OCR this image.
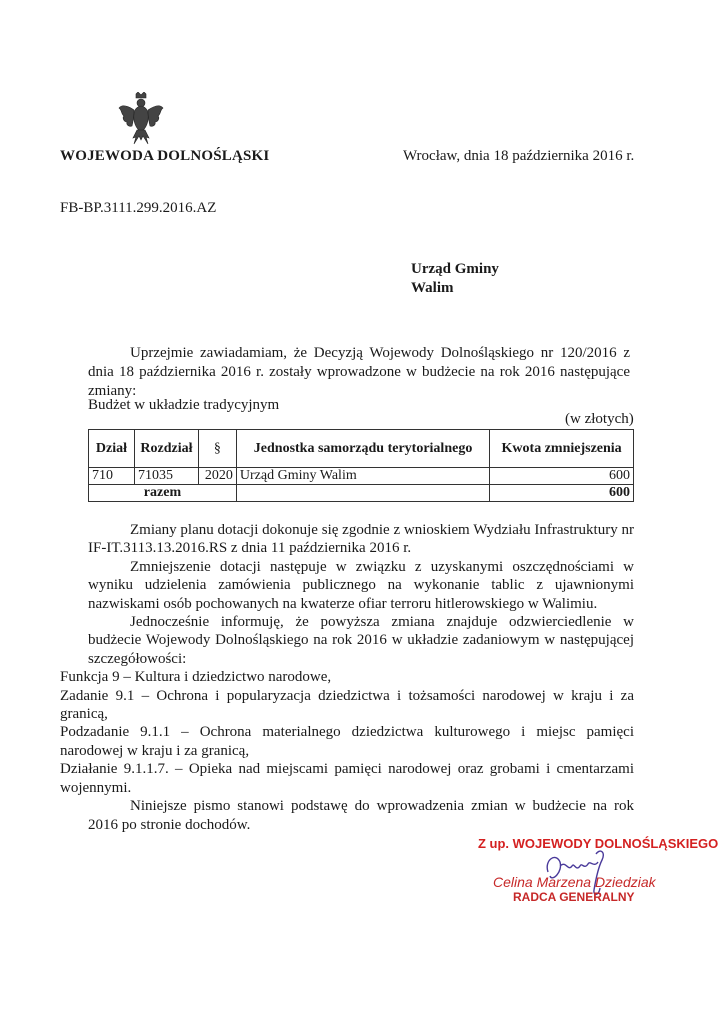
WOJEWODA DOLNOŚLĄSKI	Wrocław, dnia 18 października 2016 r.
FB-BP.3111.299.2016.AZ
Urząd Gminy
Walim
Uprzejmie zawiadamiam, że Decyzją Wojewody Dolnośląskiego nr 120/2016 z dnia 18 października 2016 r. zostały wprowadzone w budżecie na rok 2016 następujące zmiany:
Budżet w układzie tradycyjnym
(w złotych)
Dział	Rozdział	§	Jednostka samorządu terytorialnego	Kwota zmniejszenia
710	71035	2020	Urząd Gminy Walim	600
razem				600

Zmiany planu dotacji dokonuje się zgodnie z wnioskiem Wydziału Infrastruktury nr IF-IT.3113.13.2016.RS z dnia 11 października 2016 r.

Zmniejszenie dotacji następuje w związku z uzyskanymi oszczędnościami w wyniku udzielenia zamówienia publicznego na wykonanie tablic z ujawnionymi nazwiskami osób pochowanych na kwaterze ofiar terroru hitlerowskiego w Walimiu.

Jednocześnie informuję, że powyższa zmiana znajduje odzwierciedlenie w budżecie Wojewody Dolnośląskiego na rok 2016 w układzie zadaniowym w następującej szczegółowości:

Funkcja 9 – Kultura i dziedzictwo narodowe,

Zadanie 9.1 – Ochrona i popularyzacja dziedzictwa i tożsamości narodowej w kraju i za granicą,

Podzadanie 9.1.1 – Ochrona materialnego dziedzictwa kulturowego i miejsc pamięci narodowej w kraju i za granicą,

Działanie 9.1.1.7. – Opieka nad miejscami pamięci narodowej oraz grobami i cmentarzami wojennymi.

Niniejsze pismo stanowi podstawę do wprowadzenia zmian w budżecie na rok 2016 po stronie dochodów.

Z up. WOJEWODY DOLNOŚLĄSKIEGO
Celina Marzena Dziedziak
RADCA GENERALNY
